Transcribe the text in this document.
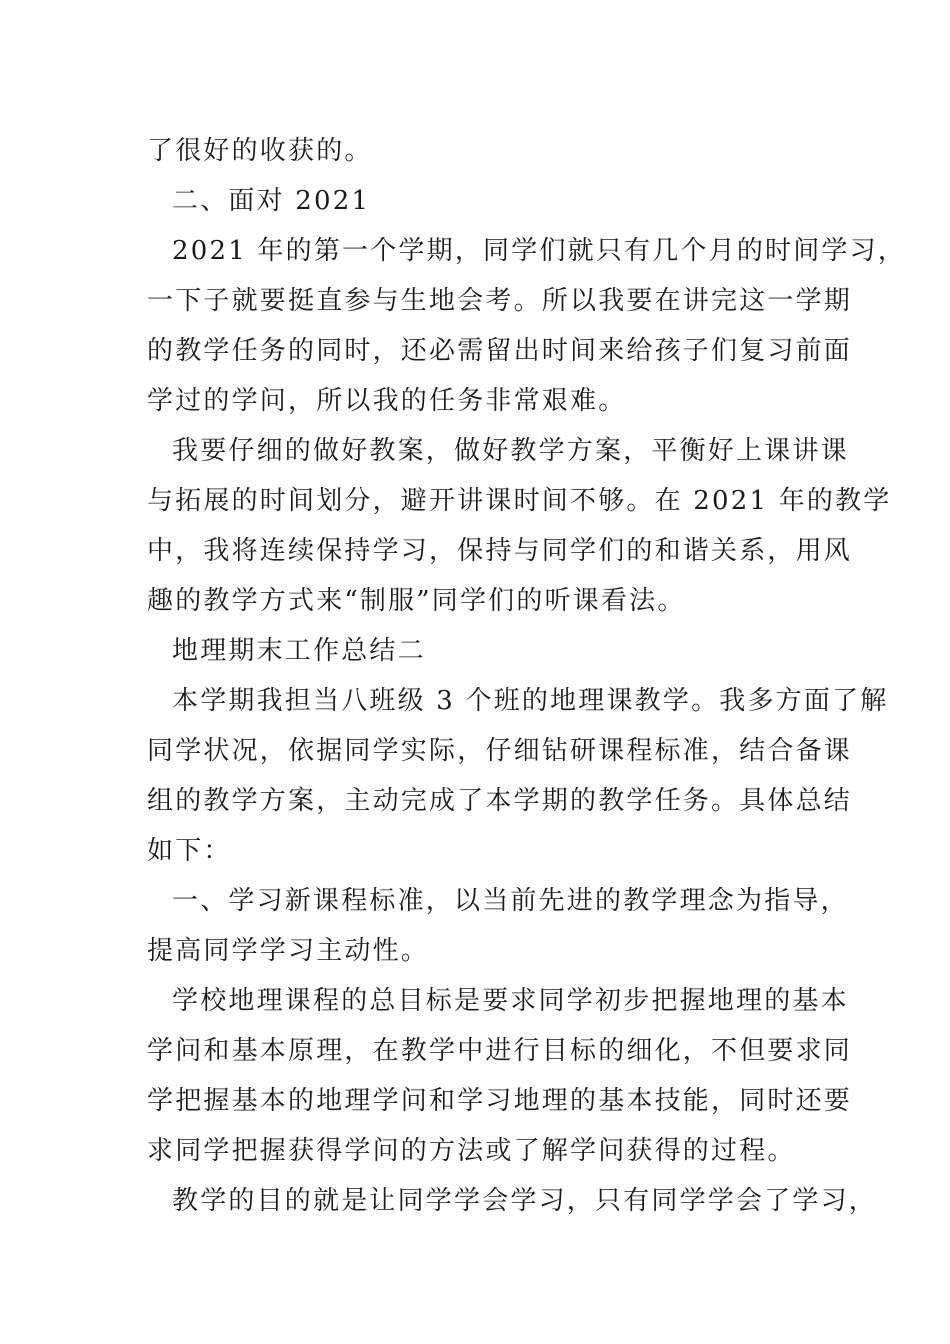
了很好的收获的。
二、面对 2021
2021 年的第一个学期，同学们就只有几个月的时间学习，
一下子就要挺直参与生地会考。所以我要在讲完这一学期
的教学任务的同时，还必需留出时间来给孩子们复习前面
学过的学问，所以我的任务非常艰难。
我要仔细的做好教案，做好教学方案，平衡好上课讲课
与拓展的时间划分，避开讲课时间不够。在 2021 年的教学
中，我将连续保持学习，保持与同学们的和谐关系，用风
趣的教学方式来“制服”同学们的听课看法。
地理期末工作总结二
本学期我担当八班级 3 个班的地理课教学。我多方面了解
同学状况，依据同学实际，仔细钻研课程标准，结合备课
组的教学方案，主动完成了本学期的教学任务。具体总结
如下：
一、学习新课程标准，以当前先进的教学理念为指导，
提高同学学习主动性。
学校地理课程的总目标是要求同学初步把握地理的基本
学问和基本原理，在教学中进行目标的细化，不但要求同
学把握基本的地理学问和学习地理的基本技能，同时还要
求同学把握获得学问的方法或了解学问获得的过程。
教学的目的就是让同学学会学习，只有同学学会了学习，
